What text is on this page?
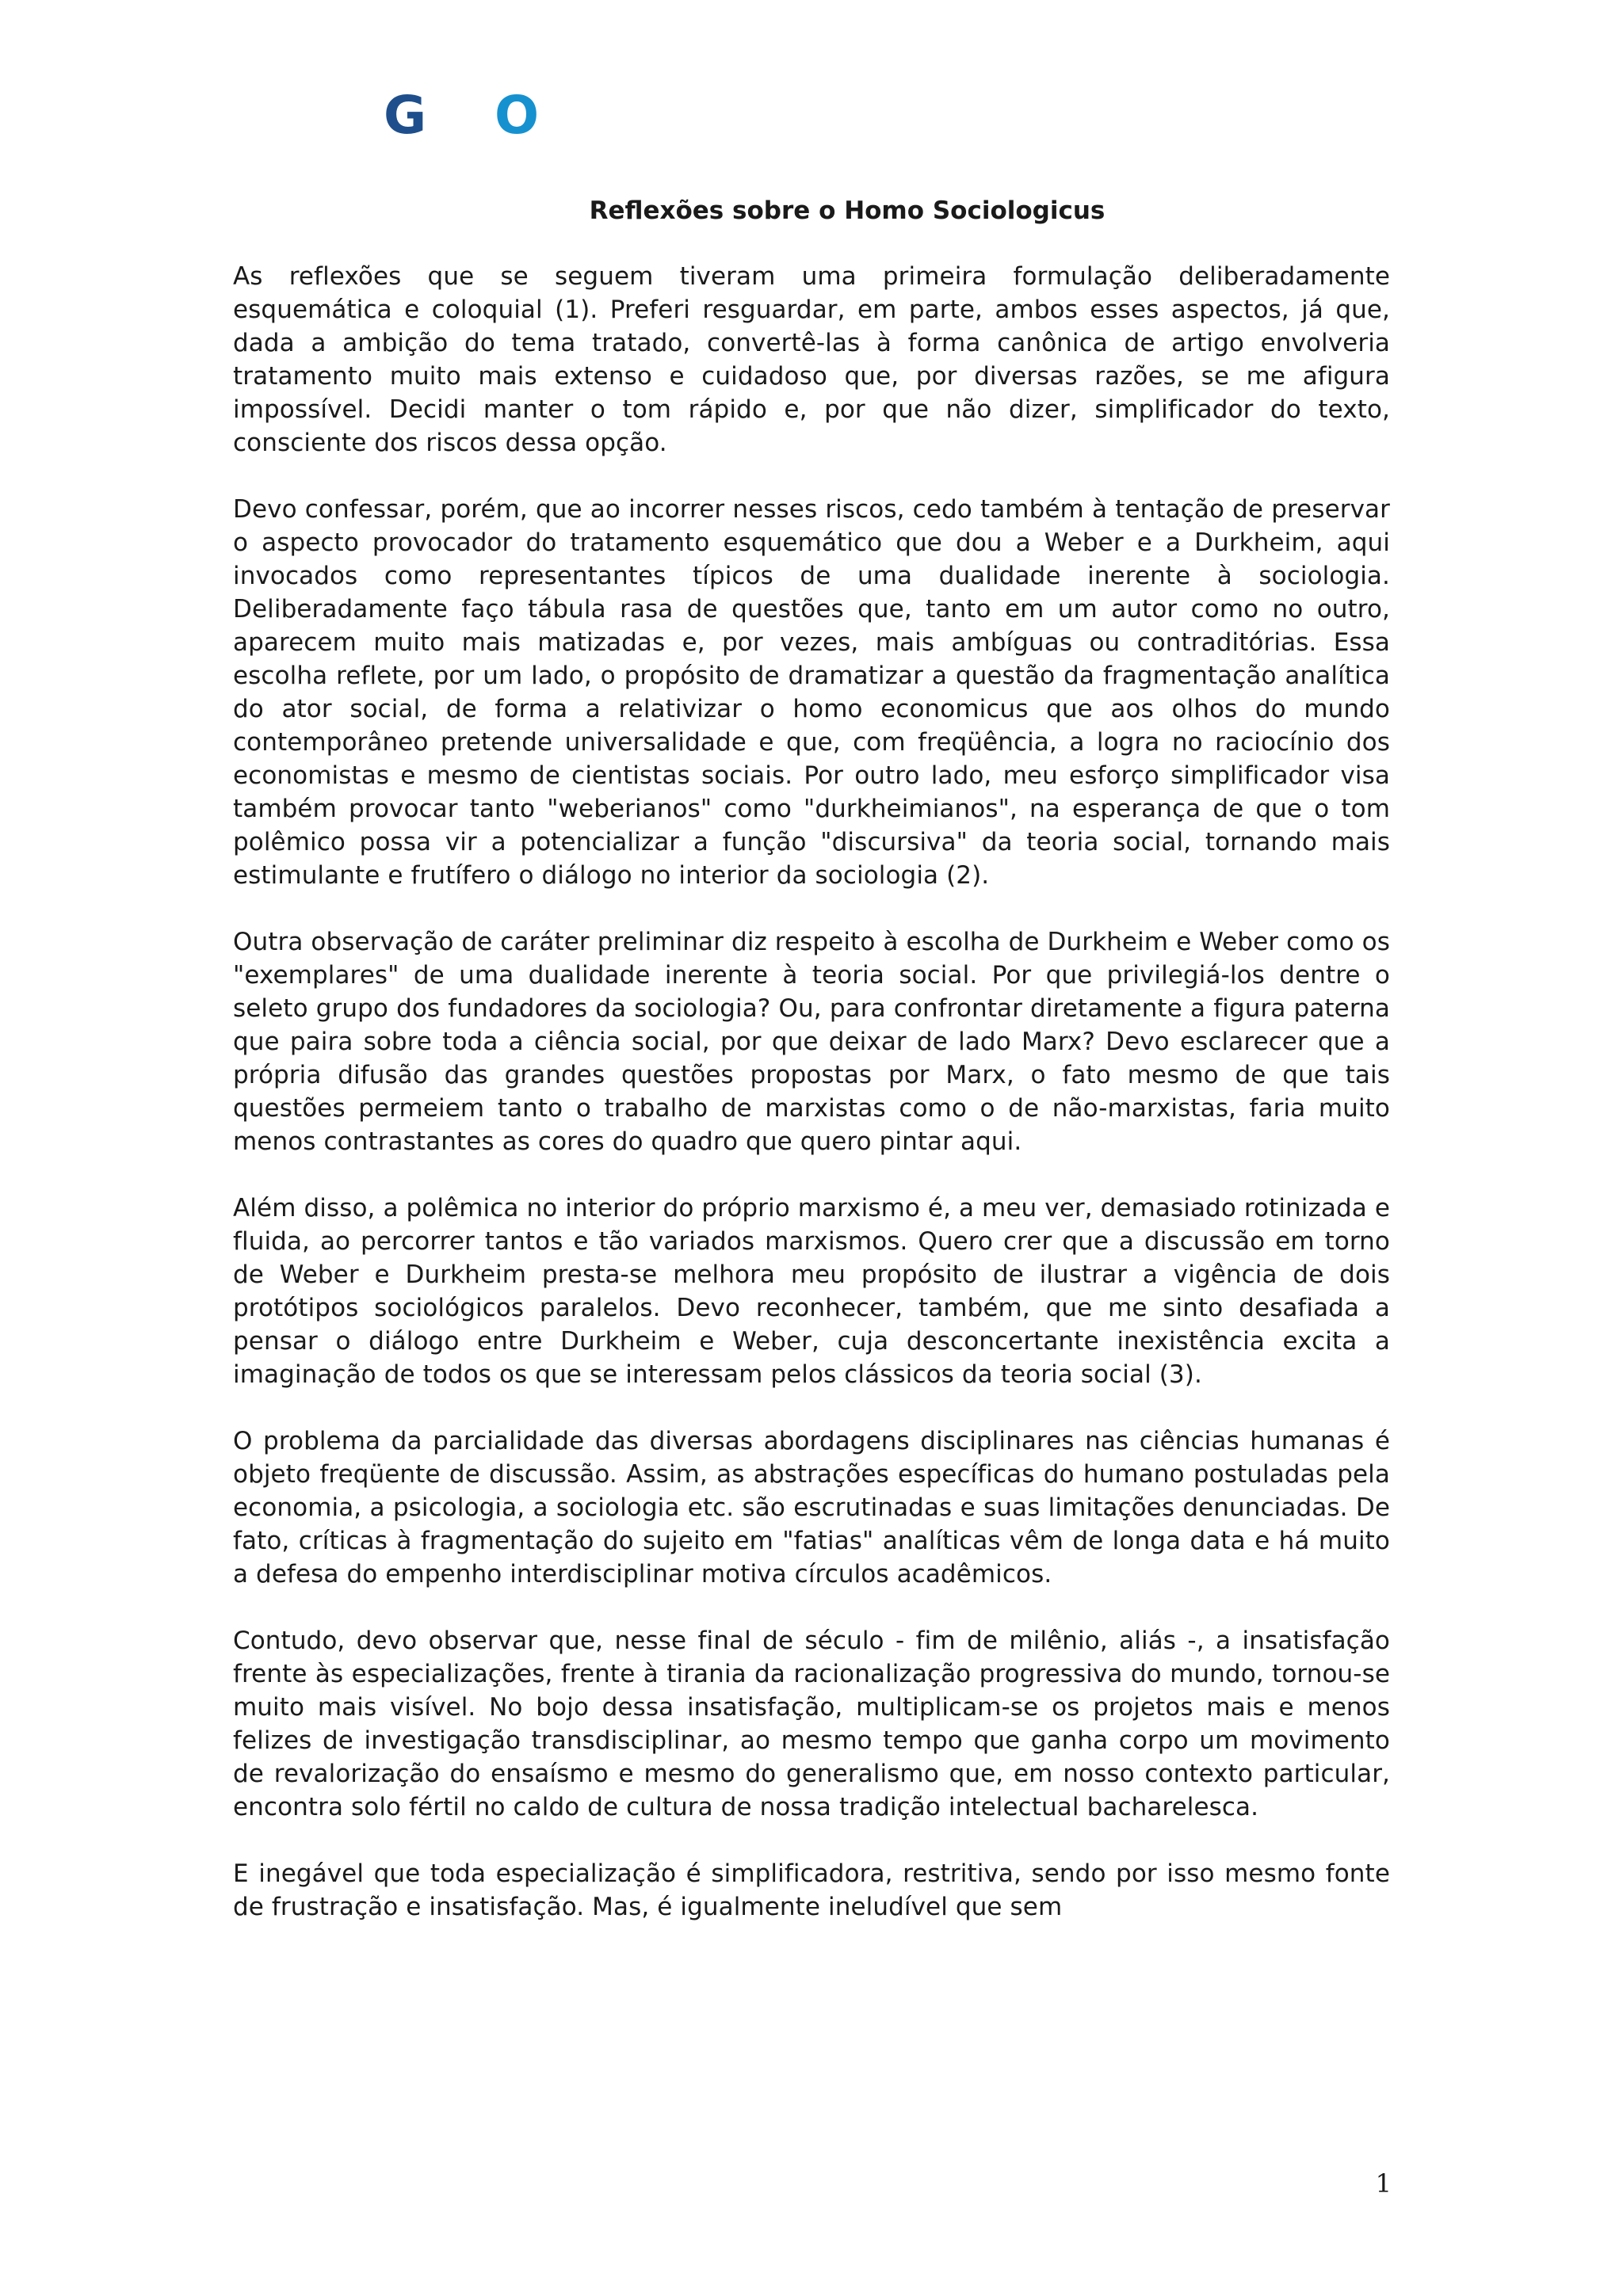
G O
Reflexões sobre o Homo Sociologicus

As reflexões que se seguem tiveram uma primeira formulação deliberadamente esquemática e coloquial (1). Preferi resguardar, em parte, ambos esses aspectos, já que, dada a ambição do tema tratado, convertê-las à forma canônica de artigo envolveria tratamento muito mais extenso e cuidadoso que, por diversas razões, se me afigura impossível. Decidi manter o tom rápido e, por que não dizer, simplificador do texto, consciente dos riscos dessa opção.

Devo confessar, porém, que ao incorrer nesses riscos, cedo também à tentação de preservar o aspecto provocador do tratamento esquemático que dou a Weber e a Durkheim, aqui invocados como representantes típicos de uma dualidade inerente à sociologia. Deliberadamente faço tábula rasa de questões que, tanto em um autor como no outro, aparecem muito mais matizadas e, por vezes, mais ambíguas ou contraditórias. Essa escolha reflete, por um lado, o propósito de dramatizar a questão da fragmentação analítica do ator social, de forma a relativizar o homo economicus que aos olhos do mundo contemporâneo pretende universalidade e que, com freqüência, a logra no raciocínio dos economistas e mesmo de cientistas sociais. Por outro lado, meu esforço simplificador visa também provocar tanto "weberianos" como "durkheimianos", na esperança de que o tom polêmico possa vir a potencializar a função "discursiva" da teoria social, tornando mais estimulante e frutífero o diálogo no interior da sociologia (2).

Outra observação de caráter preliminar diz respeito à escolha de Durkheim e Weber como os "exemplares" de uma dualidade inerente à teoria social. Por que privilegiá-los dentre o seleto grupo dos fundadores da sociologia? Ou, para confrontar diretamente a figura paterna que paira sobre toda a ciência social, por que deixar de lado Marx? Devo esclarecer que a própria difusão das grandes questões propostas por Marx, o fato mesmo de que tais questões permeiem tanto o trabalho de marxistas como o de não-marxistas, faria muito menos contrastantes as cores do quadro que quero pintar aqui.

Além disso, a polêmica no interior do próprio marxismo é, a meu ver, demasiado rotinizada e fluida, ao percorrer tantos e tão variados marxismos. Quero crer que a discussão em torno de Weber e Durkheim presta-se melhora meu propósito de ilustrar a vigência de dois protótipos sociológicos paralelos. Devo reconhecer, também, que me sinto desafiada a pensar o diálogo entre Durkheim e Weber, cuja desconcertante inexistência excita a imaginação de todos os que se interessam pelos clássicos da teoria social (3).

O problema da parcialidade das diversas abordagens disciplinares nas ciências humanas é objeto freqüente de discussão. Assim, as abstrações específicas do humano postuladas pela economia, a psicologia, a sociologia etc. são escrutinadas e suas limitações denunciadas. De fato, críticas à fragmentação do sujeito em "fatias" analíticas vêm de longa data e há muito a defesa do empenho interdisciplinar motiva círculos acadêmicos.

Contudo, devo observar que, nesse final de século - fim de milênio, aliás -, a insatisfação frente às especializações, frente à tirania da racionalização progressiva do mundo, tornou-se muito mais visível. No bojo dessa insatisfação, multiplicam-se os projetos mais e menos felizes de investigação transdisciplinar, ao mesmo tempo que ganha corpo um movimento de revalorização do ensaísmo e mesmo do generalismo que, em nosso contexto particular, encontra solo fértil no caldo de cultura de nossa tradição intelectual bacharelesca.

E inegável que toda especialização é simplificadora, restritiva, sendo por isso mesmo fonte de frustração e insatisfação. Mas, é igualmente ineludível que sem

1
